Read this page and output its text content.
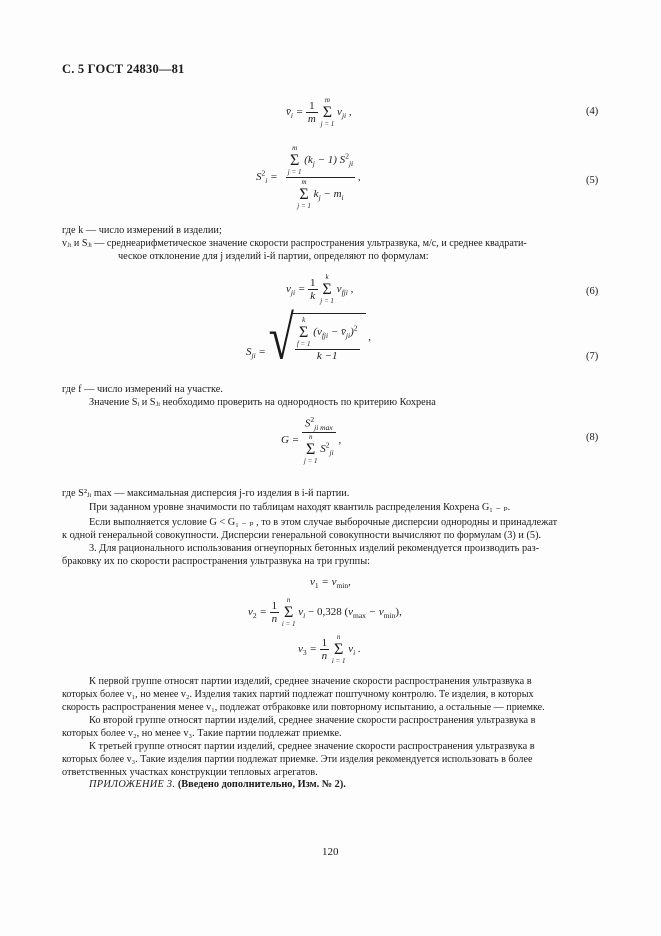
С. 5 ГОСТ 24830—81
$v̄_i = \frac{1}{m}$
	m
Σ
j = 1
$v_{ji}$ ,	(4)
$S^2_i = m$
Σ
j = 1
$(k_j - 1)$ $S^2_{ji}$
m
Σ
j = 1
$k_j - m_i$ ,	(5)
где k — число измерений в изделии;
vⱼᵢ и Sⱼᵢ — среднеарифметическое значение скорости распространения ультразвука, м/с, и среднее квадрати-
ческое отклонение для j изделий i-й партии, определяют по формулам:
$v_{ji} = \frac{1}{k}$
	k
Σ
j = 1
$v_{fji}$ ,	(6)
$S_{ji}$ = √ k
Σ
f = 1
($v_{fji}$ − $v̄_{ji})^2$
k −1 ,
(7)
где f — число измерений на участке.
Значение Sᵢ и Sⱼᵢ необходимо проверить на однородность по критерию Кохрена
$G = S^2_{ji max}$
n
Σ
j = 1
$S^2_{ji}$ ,	(8)
где S²ⱼᵢ max — максимальная дисперсия j-го изделия в i-й партии.
При заданном уровне значимости по таблицам находят квантиль распределения Кохрена G₁ ₋ ₚ.
Если выполняется условие G < G₁ ₋ ₚ , то в этом случае выборочные дисперсии однородны и принадлежат
к одной генеральной совокупности. Дисперсии генеральной совокупности вычисляют по формулам (3) и (5).
3. Для рационального использования огнеупорных бетонных изделий рекомендуется производить раз-
браковку их по скорости распространения ультразвука на три группы:
$v_1 = v_{min}$,
$v_2 = \frac{1}{n}$
	n
Σ
i = 1
$v_i - 0,328$ $(v_{max} - v_{min})$,
$v_3 = \frac{1}{n}$
	n
Σ
i = 1
$v_i$ .
К первой группе относят партии изделий, среднее значение скорости распространения ультразвука в
которых более v₁, но менее v₂. Изделия таких партий подлежат поштучному контролю. Те изделия, в которых
скорость распространения менее v₁, подлежат отбраковке или повторному испытанию, а остальные — приемке.
Ко второй группе относят партии изделий, среднее значение скорости распространения ультразвука в
которых более v₂, но менее v₃. Такие партии подлежат приемке.
К третьей группе относят партии изделий, среднее значение скорости распространения ультразвука в
которых более v₃. Такие изделия партии подлежат приемке. Эти изделия рекомендуется использовать в более
ответственных участках конструкции тепловых агрегатов.
ПРИЛОЖЕНИЕ 3. (Введено дополнительно, Изм. № 2).
120
